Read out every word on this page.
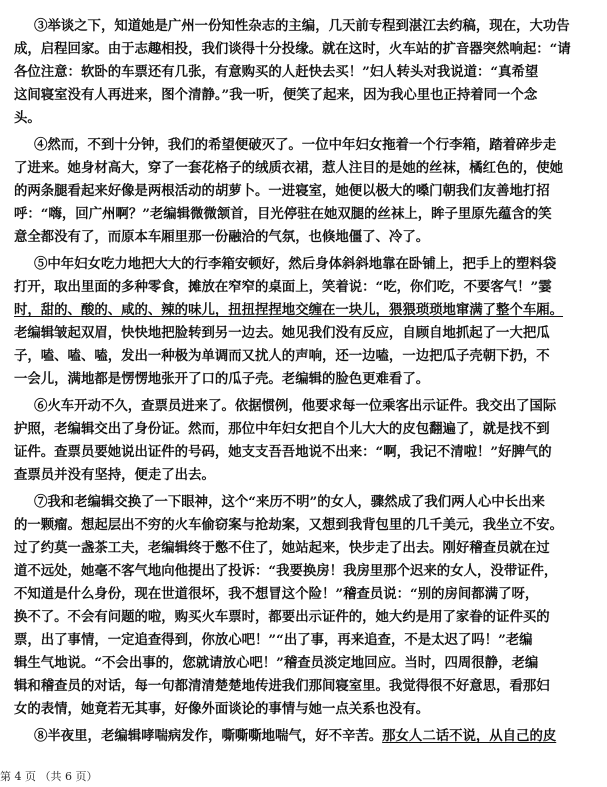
③举谈之下，知道她是广州一份知性杂志的主编，几天前专程到湛江去约稿，现在，大功告
成，启程回家。由于志趣相投，我们谈得十分投缘。就在这时，火车站的扩音器突然响起：“请
各位注意：软卧的车票还有几张，有意购买的人赶快去买！”妇人转头对我说道：“真希望
这间寝室没有人再进来，图个清静。”我一听，便笑了起来，因为我心里也正持着同一个念
头。
④然而，不到十分钟，我们的希望便破灭了。一位中年妇女拖着一个行李箱，踏着碎步走
了进来。她身材高大，穿了一套花格子的绒质衣裙，惹人注目的是她的丝袜，橘红色的，使她
的两条腿看起来好像是两根活动的胡萝卜。一进寝室，她便以极大的嗓门朝我们友善地打招
呼：“嗨，回广州啊？”老编辑微微颔首，目光停驻在她双腿的丝袜上，眸子里原先蕴含的笑
意全都没有了，而原本车厢里那一份融洽的气氛，也倏地僵了、冷了。
⑤中年妇女吃力地把大大的行李箱安顿好，然后身体斜斜地靠在卧铺上，把手上的塑料袋
打开，取出里面的多种零食，摊放在窄窄的桌面上，笑着说：“吃，你们吃，不要客气！”霎
时，甜的、酸的、咸的、辣的味儿，扭扭捏捏地交缠在一块儿，猥猥琐琐地窜满了整个车厢。
老编辑皱起双眉，快快地把脸转到另一边去。她见我们没有反应，自顾自地抓起了一大把瓜
子，嗑、嗑、嗑，发出一种极为单调而又扰人的声响，还一边嗑，一边把瓜子壳朝下扔，不
一会儿，满地都是愣愣地张开了口的瓜子壳。老编辑的脸色更难看了。
⑥火车开动不久，查票员进来了。依据惯例，他要求每一位乘客出示证件。我交出了国际
护照，老编辑交出了身份证。然而，那位中年妇女把自个儿大大的皮包翻遍了，就是找不到
证件。查票员要她说出证件的号码，她支支吾吾地说不出来：“啊，我记不清啦！”好脾气的
查票员并没有坚持，便走了出去。
⑦我和老编辑交换了一下眼神，这个“来历不明”的女人，骤然成了我们两人心中长出来
的一颗瘤。想起层出不穷的火车偷窃案与抢劫案，又想到我背包里的几千美元，我坐立不安。
过了约莫一盏茶工夫，老编辑终于憋不住了，她站起来，快步走了出去。刚好稽查员就在过
道不远处，她毫不客气地向他提出了投诉：“我要换房！我房里那个迟来的女人，没带证件，
不知道是什么身份，现在世道很坏，我不想冒这个险！”稽查员说：“别的房间都满了呀，
换不了。不会有问题的啦，购买火车票时，都要出示证件的，她大约是用了家眷的证件买的
票，出了事情，一定追查得到，你放心吧！”“出了事，再来追查，不是太迟了吗！”老编
辑生气地说。“不会出事的，您就请放心吧！”稽查员淡定地回应。当时，四周很静，老编
辑和稽查员的对话，每一句都清清楚楚地传进我们那间寝室里。我觉得很不好意思，看那妇
女的表情，她竟若无其事，好像外面谈论的事情与她一点关系也没有。
⑧半夜里，老编辑哮喘病发作，嘶嘶嘶地喘气，好不辛苦。那女人二话不说，从自己的皮
第 4 页 （共 6 页）
